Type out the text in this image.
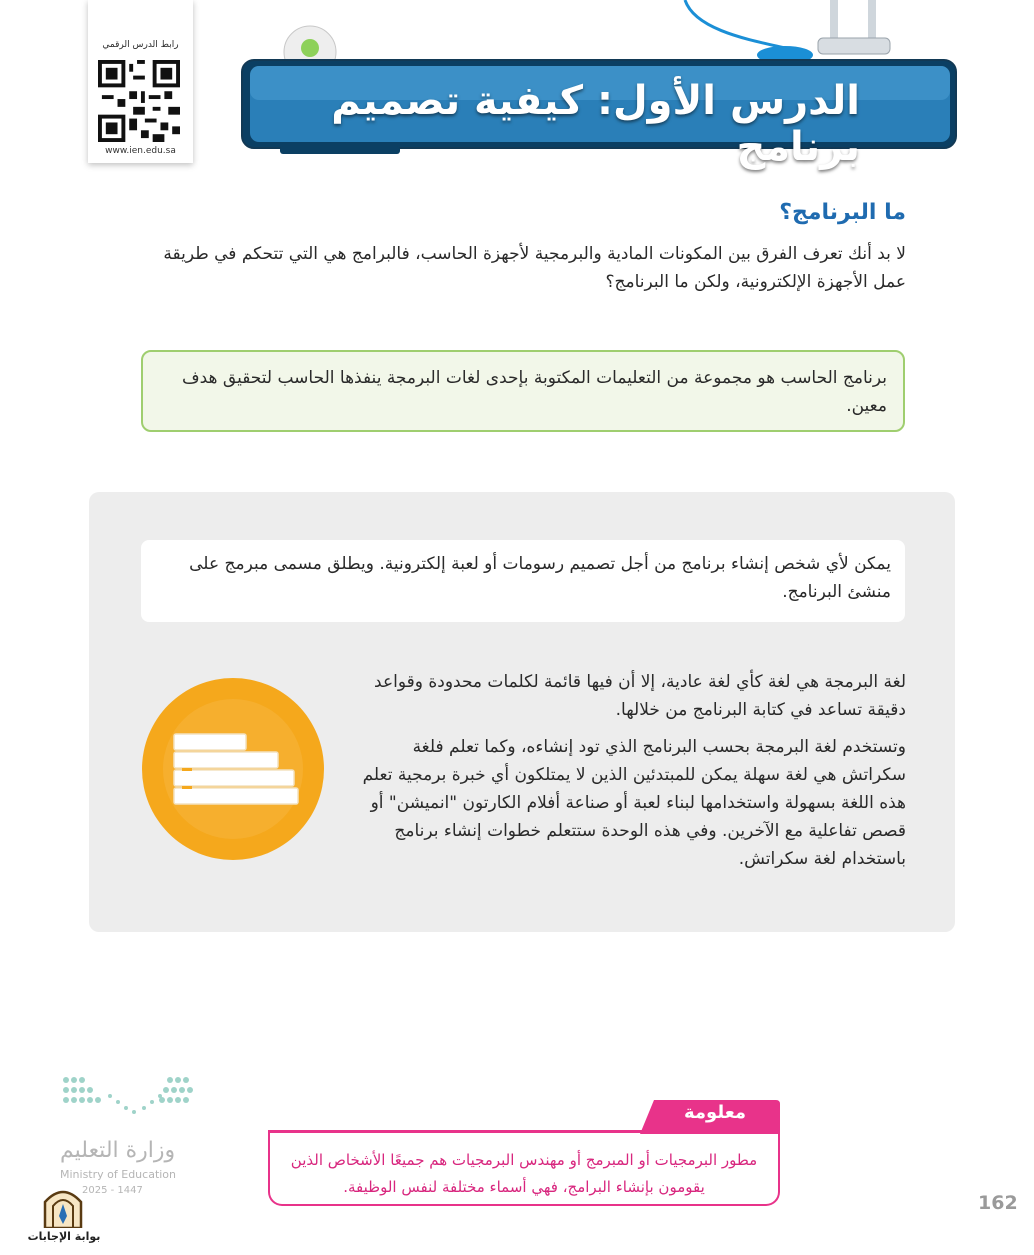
رابط الدرس الرقمي
www.ien.edu.sa
الدرس الأول: كيفية تصميم برنامج
ما البرنامج؟
لا بد أنك تعرف الفرق بين المكونات المادية والبرمجية لأجهزة الحاسب، فالبرامج هي التي تتحكم في طريقة عمل الأجهزة الإلكترونية، ولكن ما البرنامج؟
برنامج الحاسب هو مجموعة من التعليمات المكتوبة بإحدى لغات البرمجة ينفذها الحاسب لتحقيق هدف معين.
يمكن لأي شخص إنشاء برنامج من أجل تصميم رسومات أو لعبة إلكترونية. ويطلق مسمى مبرمج على منشئ البرنامج.
لغة البرمجة هي لغة كأي لغة عادية، إلا أن فيها قائمة لكلمات محدودة وقواعد دقيقة تساعد في كتابة البرنامج من خلالها.
وتستخدم لغة البرمجة بحسب البرنامج الذي تود إنشاءه، وكما تعلم فلغة سكراتش هي لغة سهلة يمكن للمبتدئين الذين لا يمتلكون أي خبرة برمجية تعلم هذه اللغة بسهولة واستخدامها لبناء لعبة أو صناعة أفلام الكارتون "انميشن" أو قصص تفاعلية مع الآخرين. وفي هذه الوحدة ستتعلم خطوات إنشاء برنامج باستخدام لغة سكراتش.
وزارة التعليم
Ministry of Education
2025 - 1447
بوابة الإجابات
معلومة
مطور البرمجيات أو المبرمج أو مهندس البرمجيات هم جميعًا الأشخاص الذين يقومون بإنشاء البرامج، فهي أسماء مختلفة لنفس الوظيفة.
162
